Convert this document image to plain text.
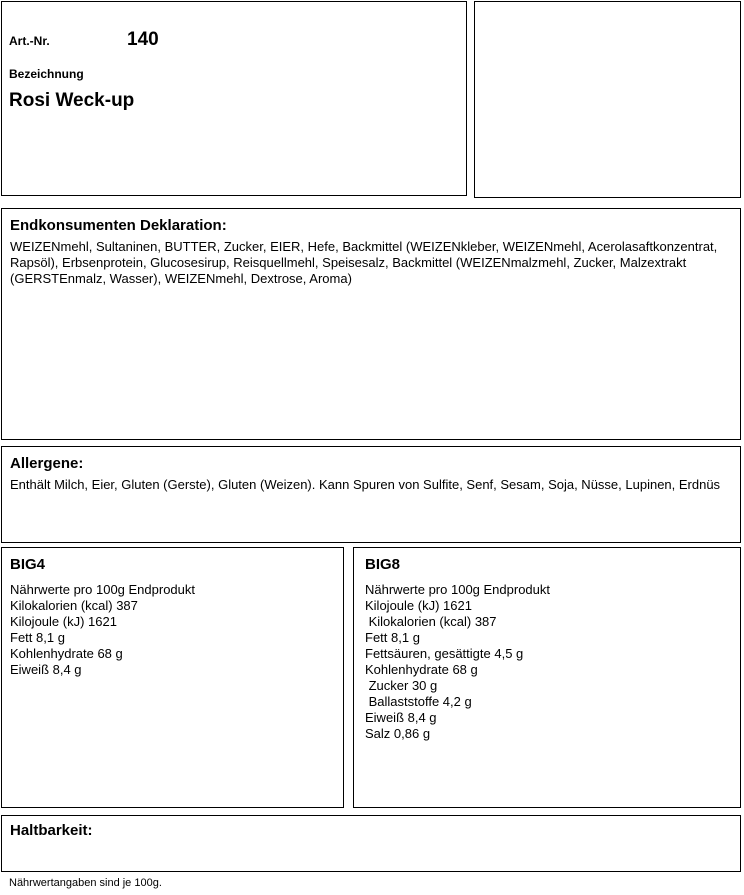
Art.-Nr.	140
Bezeichnung
Rosi Weck-up
Endkonsumenten Deklaration:
WEIZENmehl, Sultaninen, BUTTER, Zucker, EIER, Hefe, Backmittel (WEIZENkleber, WEIZENmehl, Acerolasaftkonzentrat, Rapsöl), Erbsenprotein, Glucosesirup, Reisquellmehl, Speisesalz, Backmittel (WEIZENmalzmehl, Zucker, Malzextrakt (GERSTEnmalz, Wasser), WEIZENmehl, Dextrose, Aroma)
Allergene:
Enthält Milch, Eier, Gluten (Gerste), Gluten (Weizen). Kann Spuren von Sulfite, Senf, Sesam, Soja, Nüsse, Lupinen, Erdnüs
BIG4
Nährwerte pro 100g Endprodukt
Kilokalorien (kcal) 387
Kilojoule (kJ) 1621
Fett 8,1 g
Kohlenhydrate 68 g
Eiweiß 8,4 g
BIG8
Nährwerte pro 100g Endprodukt
Kilojoule (kJ) 1621
Kilokalorien (kcal) 387
Fett 8,1 g
Fettsäuren, gesättigte 4,5 g
Kohlenhydrate 68 g
Zucker 30 g
Ballaststoffe 4,2 g
Eiweiß 8,4 g
Salz 0,86 g
Haltbarkeit:
Nährwertangaben sind je 100g.
